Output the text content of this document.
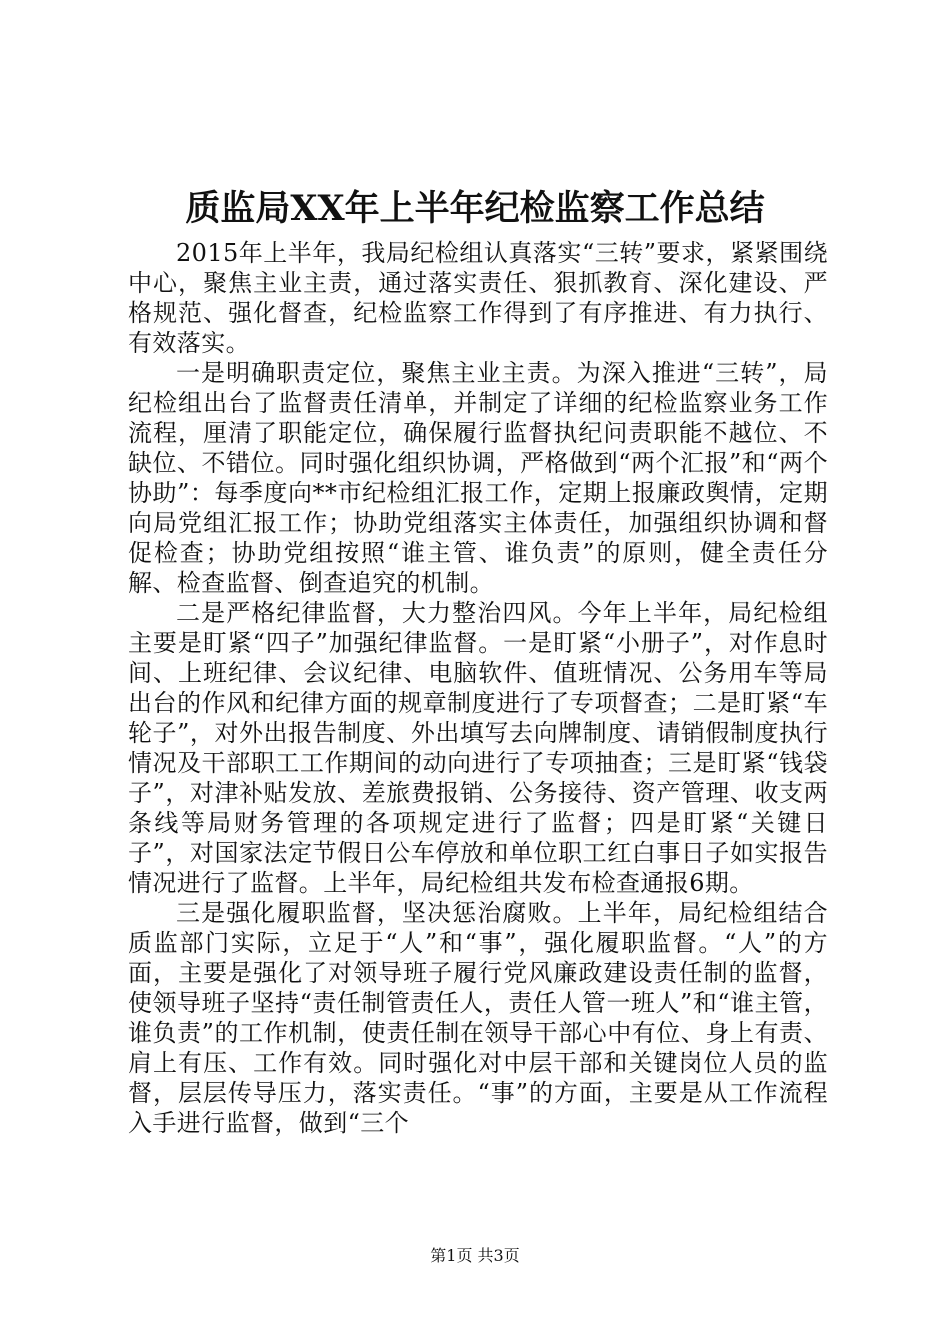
质监局XX年上半年纪检监察工作总结

2015年上半年，我局纪检组认真落实“三转”要求，紧紧围绕中心，聚焦主业主责，通过落实责任、狠抓教育、深化建设、严格规范、强化督查，纪检监察工作得到了有序推进、有力执行、有效落实。

一是明确职责定位，聚焦主业主责。为深入推进“三转”，局纪检组出台了监督责任清单，并制定了详细的纪检监察业务工作流程，厘清了职能定位，确保履行监督执纪问责职能不越位、不缺位、不错位。同时强化组织协调，严格做到“两个汇报”和“两个协助”：每季度向**市纪检组汇报工作，定期上报廉政舆情，定期向局党组汇报工作；协助党组落实主体责任，加强组织协调和督促检查；协助党组按照“谁主管、谁负责”的原则，健全责任分解、检查监督、倒查追究的机制。

二是严格纪律监督，大力整治四风。今年上半年，局纪检组主要是盯紧“四子”加强纪律监督。一是盯紧“小册子”，对作息时间、上班纪律、会议纪律、电脑软件、值班情况、公务用车等局出台的作风和纪律方面的规章制度进行了专项督查；二是盯紧“车轮子”，对外出报告制度、外出填写去向牌制度、请销假制度执行情况及干部职工工作期间的动向进行了专项抽查；三是盯紧“钱袋子”，对津补贴发放、差旅费报销、公务接待、资产管理、收支两条线等局财务管理的各项规定进行了监督；四是盯紧“关键日子”，对国家法定节假日公车停放和单位职工红白事日子如实报告情况进行了监督。上半年，局纪检组共发布检查通报6期。

三是强化履职监督，坚决惩治腐败。上半年，局纪检组结合质监部门实际，立足于“人”和“事”，强化履职监督。“人”的方面，主要是强化了对领导班子履行党风廉政建设责任制的监督，使领导班子坚持“责任制管责任人，责任人管一班人”和“谁主管，谁负责”的工作机制，使责任制在领导干部心中有位、身上有责、肩上有压、工作有效。同时强化对中层干部和关键岗位人员的监督，层层传导压力，落实责任。“事”的方面，主要是从工作流程入手进行监督，做到“三个

第1页 共3页
